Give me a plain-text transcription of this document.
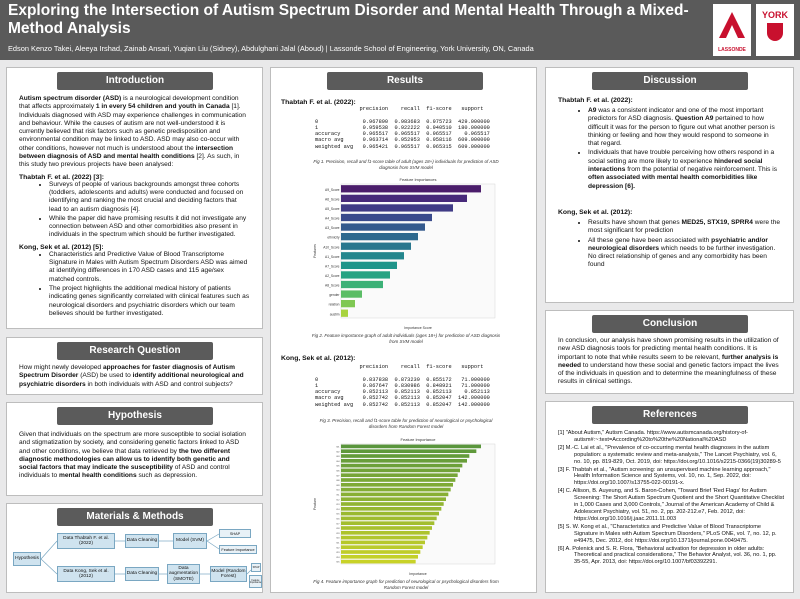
Exploring the Intersection of Autism Spectrum Disorder and Mental Health Through a Mixed-Method Analysis
Edson Kenzo Takei, Aleeya Irshad, Zainab Ansari, Yuqian Liu (Sidney), Abdulghani Jalal (Aboud) | Lassonde School of Engineering, York University, ON, Canada	LASSONDE
YORK
Introduction
Autism spectrum disorder (ASD) is a neurological development condition that affects approximately 1 in every 54 children and youth in Canada [1]. Individuals diagnosed with ASD may experience challenges in communication and behaviour. While the causes of autism are not well-understood it is currently believed that risk factors such as genetic predisposition and environmental condition may be linked to ASD. ASD may also co-occur with other conditions, however not much is understood about the intersection between diagnosis of ASD and mental health conditions [2]. As such, in this study two previous projects have been analysed:
Thabtah F. et al. (2022) [3]:
• Surveys of people of various backgrounds amongst three cohorts (toddlers, adolescents and adults) were conducted and focused on identifying and ranking the most crucial and deciding factors that lead to an autism diagnosis [4].
• While the paper did have promising results it did not investigate any connection between ASD and other comorbidities also present in individuals in the spectrum which should be further investigated.
Kong, Sek et al. (2012) [5]:
• Characteristics and Predictive Value of Blood Transcriptome Signature in Males with Autism Spectrum Disorders ASD was aimed at identifying differences in 170 ASD cases and 115 age/sex matched controls.
• The project highlights the additional medical history of patients indicating genes significantly correlated with clinical features such as neurological disorders and psychiatric disorders which our team believes should be further investigated.
Research Question
How might newly developed approaches for faster diagnosis of Autism Spectrum Disorder (ASD) be used to identify additional neurological and psychiatric disorders in both individuals with ASD and control subjects?
Hypothesis
Given that individuals on the spectrum are more susceptible to social isolation and stigmatization by society, and considering genetic factors linked to ASD and other conditions, we believe that data retrieved by the two different diagnostic methodologies can allow us to identify both genetic and social factors that may indicate the susceptibility of ASD and control individuals to mental health conditions such as depression.
Materials & Methods
Hypothesis
Data Thabtah F. et al. (2022)
Data Kong, Sek et al. (2012)
Data Cleaning
Data Cleaning
Data augmentation (SMOTE)
Model (SVM)
Model (Random Forest)
SHAP
Feature Importance
SHAP
Feature Importance
Results
Thabtah F. et al. (2022):
precision    recall  f1-score   support

0              0.967890  0.983683  0.975723  429.000000
1              0.959538  0.922222  0.940510  180.000000
accuracy       0.965517  0.965517  0.965517    0.965517
macro avg      0.963714  0.952953  0.958116  609.000000
weighted avg   0.965421  0.965517  0.965315  609.000000
Fig 1. Precision, recall and f1-score table of adult (ages 18+) individuals for prediction of ASD diagnosis from SVM model
Feature Importances
Importance Score
Features
A9_Score
A6_Score
A5_Score
A4_Score
A3_Score
ethnicity
A10_Score
A1_Score
A7_Score
A2_Score
A8_Score
gender
relation
austim
Fig 2. Feature importance graph of adult individuals (ages 18+) for prediction of ASD diagnosis from SVM model
Kong, Sek et al. (2012):
precision    recall  f1-score   support

0              0.837838  0.873239  0.855172   71.000000
1              0.867647  0.830986  0.848921   71.000000
accuracy       0.852113  0.852113  0.852113    0.852113
macro avg      0.852742  0.852113  0.852047  142.000000
weighted avg   0.852742  0.852113  0.852047  142.000000
Fig 3. Precision, recall and f1-score table for prediction of neurological or psychological disorders from Random Forest model
Feature Importance
Importance
Feature
f01
f02
f03
f04
f05
f06
f07
f08
f09
f10
f11
f12
f13
f14
f15
f16
f17
f18
f19
f20
f21
f22
f23
f24
f25
Fig 4. Feature importance graph for prediction of neurological or psychological disorders from Random Forest model
Discussion
Thabtah F. et al. (2022):
• A9 was a consistent indicator and one of the most important predictors for ASD diagnosis. Question A9 pertained to how difficult it was for the person to figure out what another person is thinking or feeling and how they would respond to someone in that regard.
• Individuals that have trouble perceiving how others respond in a social setting are more likely to experience hindered social interactions from the potential of negative reinforcement. This is often associated with mental health comorbidities like depression [6].
Kong, Sek et al. (2012):
• Results have shown that genes MED25, STX19, SPRR4 were the most significant for prediction
• All these gene have been associated with psychiatric and/or neurological disorders which needs to be further investigation. No direct relationship of genes and any comorbidity has been found
Conclusion
In conclusion, our analysis have shown promising results in the utilization of new ASD diagnosis tools for predicting mental health conditions. It is important to note that while results seem to be relevant, further analysis is needed to understand how these social and genetic factors impact the lives of the individuals in question and to determine the meaningfulness of these results in clinical settings.
References
[1] "About Autism," Autism Canada. https://www.autismcanada.org/history-of-autism#:~:text=According%20to%20the%20National%20ASD
[2] M.-C. Lai et al., "Prevalence of co-occurring mental health diagnoses in the autism population: a systematic review and meta-analysis," The Lancet Psychiatry, vol. 6, no. 10, pp. 819-829, Oct. 2019, doi: https://doi.org/10.1016/s2215-0366(19)30289-5
[3] F. Thabtah et al., "Autism screening: an unsupervised machine learning approach," Health Information Science and Systems, vol. 10, no. 1, Sep. 2022, doi: https://doi.org/10.1007/s13755-022-00191-x.
[4] C. Allison, B. Auyeung, and S. Baron-Cohen, "Toward Brief 'Red Flags' for Autism Screening: The Short Autism Spectrum Quotient and the Short Quantitative Checklist in 1,000 Cases and 3,000 Controls," Journal of the American Academy of Child & Adolescent Psychiatry, vol. 51, no. 2, pp. 202-212.e7, Feb. 2012, doi: https://doi.org/10.1016/j.jaac.2011.11.003
[5] S. W. Kong et al., "Characteristics and Predictive Value of Blood Transcriptome Signature in Males with Autism Spectrum Disorders," PLoS ONE, vol. 7, no. 12, p. e49475, Dec. 2012, doi: https://doi.org/10.1371/journal.pone.0049475.
[6] A. Polenick and S. R. Flora, "Behavioral activation for depression in older adults: Theoretical and practical considerations," The Behavior Analyst, vol. 36, no. 1, pp. 35-55, Apr. 2013, doi: https://doi.org/10.1007/bf03392291.
